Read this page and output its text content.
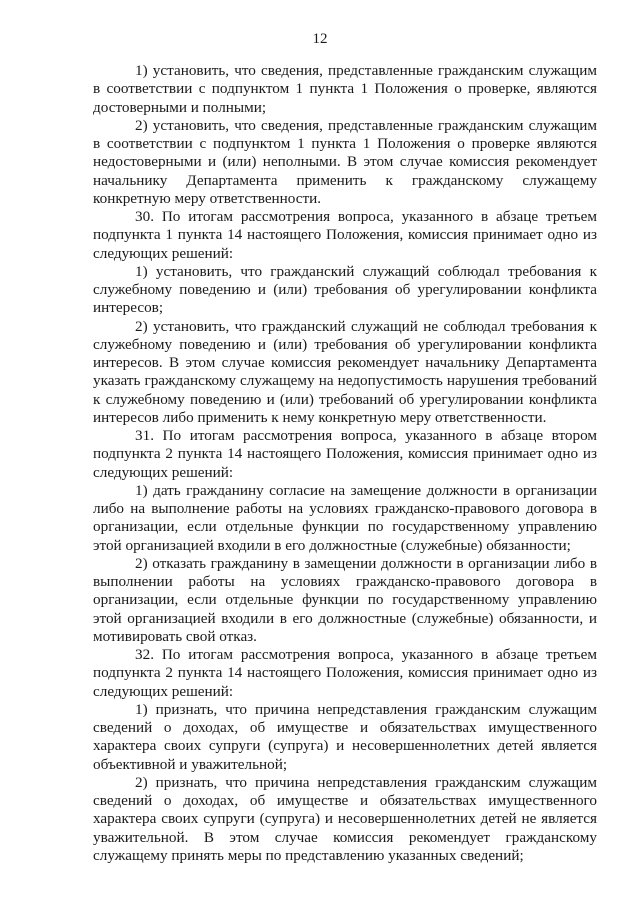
12

1) установить, что сведения, представленные гражданским служащим в соответствии с подпунктом 1 пункта 1 Положения о проверке, являются достоверными и полными;

2) установить, что сведения, представленные гражданским служащим в соответствии с подпунктом 1 пункта 1 Положения о проверке являются недостоверными и (или) неполными. В этом случае комиссия рекомендует начальнику Департамента применить к гражданскому служащему конкретную меру ответственности.

30. По итогам рассмотрения вопроса, указанного в абзаце третьем подпункта 1 пункта 14 настоящего Положения, комиссия принимает одно из следующих решений:

1) установить, что гражданский служащий соблюдал требования к служебному поведению и (или) требования об урегулировании конфликта интересов;

2) установить, что гражданский служащий не соблюдал требования к служебному поведению и (или) требования об урегулировании конфликта интересов. В этом случае комиссия рекомендует начальнику Департамента указать гражданскому служащему на недопустимость нарушения требований к служебному поведению и (или) требований об урегулировании конфликта интересов либо применить к нему конкретную меру ответственности.

31. По итогам рассмотрения вопроса, указанного в абзаце втором подпункта 2 пункта 14 настоящего Положения, комиссия принимает одно из следующих решений:

1) дать гражданину согласие на замещение должности в организации либо на выполнение работы на условиях гражданско-правового договора в организации, если отдельные функции по государственному управлению этой организацией входили в его должностные (служебные) обязанности;

2) отказать гражданину в замещении должности в организации либо в выполнении работы на условиях гражданско-правового договора в организации, если отдельные функции по государственному управлению этой организацией входили в его должностные (служебные) обязанности, и мотивировать свой отказ.

32. По итогам рассмотрения вопроса, указанного в абзаце третьем подпункта 2 пункта 14 настоящего Положения, комиссия принимает одно из следующих решений:

1) признать, что причина непредставления гражданским служащим сведений о доходах, об имуществе и обязательствах имущественного характера своих супруги (супруга) и несовершеннолетних детей является объективной и уважительной;

2) признать, что причина непредставления гражданским служащим сведений о доходах, об имуществе и обязательствах имущественного характера своих супруги (супруга) и несовершеннолетних детей не является уважительной. В этом случае комиссия рекомендует гражданскому служащему принять меры по представлению указанных сведений;
